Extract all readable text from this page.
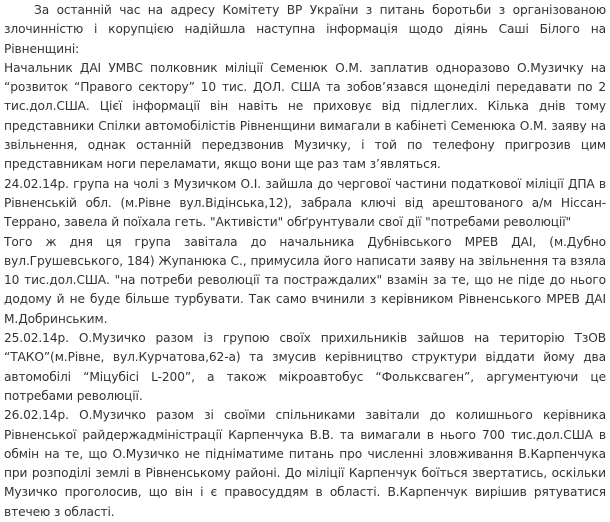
За останній час на адресу Комітету ВР України з питань боротьби з організованою злочинністю і корупцією надійшла наступна інформація щодо діянь Саші Білого на Рівненщині:

Начальник ДАІ УМВС полковник міліції Семенюк О.М. заплатив одноразово О.Музичку на “розвиток “Правого сектору” 10 тис. ДОЛ. США та зобов’язався щонеділі передавати по 2 тис.дол.США. Цієї інформації він навіть не приховує від підлеглих. Кілька днів тому представники Спілки автомобілістів Рівненщини вимагали в кабінеті Семенюка О.М. заяву на звільнення, однак останній передзвонив Музичку, і той по телефону пригрозив цим представникам ноги переламати, якщо вони ще раз там з’являться.

24.02.14р. група на чолі з Музичком О.І. зайшла до чергової частини податкової міліції ДПА в Рівненській обл. (м.Рівне вул.Відінська,12), забрала ключі від арештованого а/м Ніссан-Террано, завела й поїхала геть. "Активісти" обґрунтували свої дії "потребами революції"

Того ж дня ця група завітала до начальника Дубнівського МРЕВ ДАІ, (м.Дубно вул.Грушевського, 184) Жупанюка С., примусила його написати заяву на звільнення та взяла 10 тис.дол.США. "на потреби революції та постраждалих" взамін за те, що не піде до нього додому й не буде більше турбувати. Так само вчинили з керівником Рівненського МРЕВ ДАІ М.Добринським.

25.02.14р. О.Музичко разом із групою своїх прихильників зайшов на територію ТзОВ “ТАКО”(м.Рівне, вул.Курчатова,62-а) та змусив керівництво структури віддати йому два автомобілі “Міцубісі L-200”, а також мікроавтобус “Фольксваген”, аргументуючи це потребами революції.

26.02.14р. О.Музичко разом зі своїми спільниками завітали до колишнього керівника Рівненської райдержадміністрації Карпенчука В.В. та вимагали в нього 700 тис.дол.США в обмін на те, що О.Музичко не підніматиме питань про численні зловживання В.Карпенчука при розподілі землі в Рівненському районі. До міліції Карпенчук боїться звертатись, оскільки Музичко проголосив, що він і є правосуддям в області. В.Карпенчук вирішив рятуватися втечею з області.
